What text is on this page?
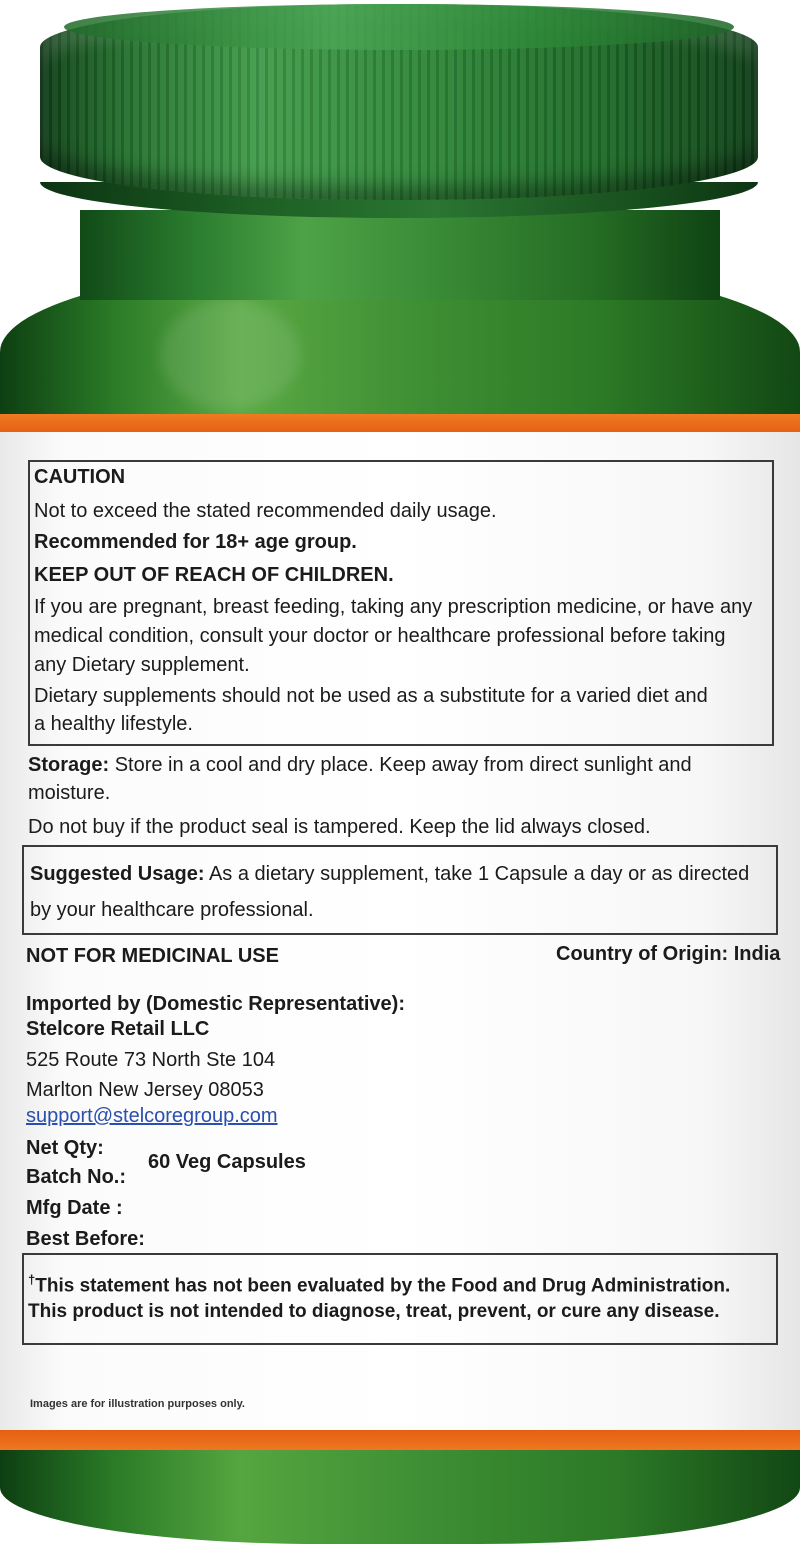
CAUTION
Not to exceed the stated recommended daily usage.
Recommended for 18+ age group.
KEEP OUT OF REACH OF CHILDREN.
If you are pregnant, breast feeding, taking any prescription medicine, or have any
medical condition, consult your doctor or healthcare professional before taking
any Dietary supplement.
Dietary supplements should not be used as a substitute for a varied diet and
a healthy lifestyle.
Storage: Store in a cool and dry place. Keep away from direct sunlight and
moisture.
Do not buy if the product seal is tampered. Keep the lid always closed.
Suggested Usage: As a dietary supplement, take 1 Capsule a day or as directed
by your healthcare professional.
NOT FOR MEDICINAL USE	Country of Origin: India
Imported by (Domestic Representative):
Stelcore Retail LLC
525 Route 73 North Ste 104
Marlton New Jersey 08053
support@stelcoregroup.com
Net Qty:
60 Veg Capsules
Batch No.:
Mfg Date :
Best Before:
†This statement has not been evaluated by the Food and Drug Administration.
This product is not intended to diagnose, treat, prevent, or cure any disease.
Images are for illustration purposes only.
